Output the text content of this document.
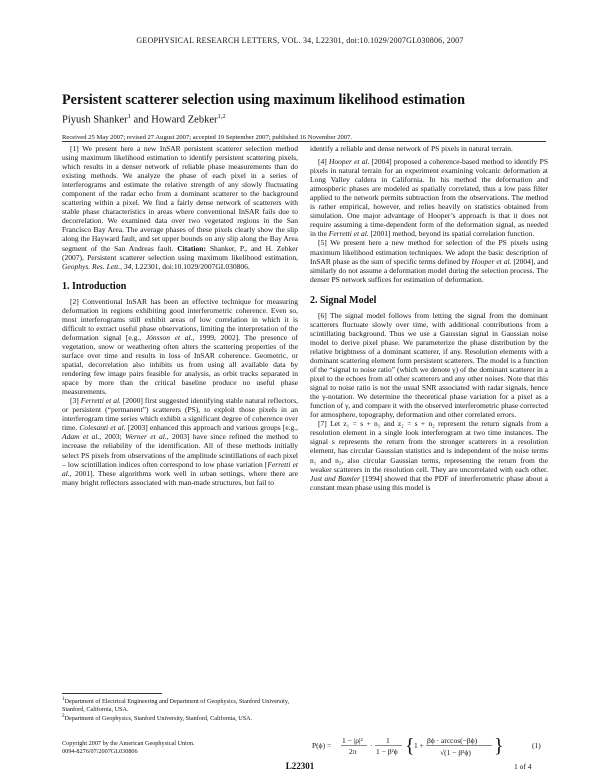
GEOPHYSICAL RESEARCH LETTERS, VOL. 34, L22301, doi:10.1029/2007GL030806, 2007
Persistent scatterer selection using maximum likelihood estimation
Piyush Shanker$^1$ and Howard Zebker$^{1,2}$
Received 25 May 2007; revised 27 August 2007; accepted 19 September 2007; published 16 November 2007.

[1] We present here a new InSAR persistent scatterer selection method using maximum likelihood estimation to identify persistent scattering pixels, which results in a denser network of reliable phase measurements than do existing methods. We analyze the phase of each pixel in a series of interferograms and estimate the relative strength of any slowly fluctuating component of the radar echo from a dominant scatterer to the background scattering within a pixel. We find a fairly dense network of scatterers with stable phase characteristics in areas where conventional InSAR fails due to decorrelation. We examined data over two vegetated regions in the San Francisco Bay Area. The average phases of these pixels clearly show the slip along the Hayward fault, and set upper bounds on any slip along the Bay Area segment of the San Andreas fault. Citation: Shanker, P., and H. Zebker (2007), Persistent scatterer selection using maximum likelihood estimation, Geophys. Res. Lett., 34, L22301, doi:10.1029/2007GL030806.

1. Introduction

[2] Conventional InSAR has been an effective technique for measuring deformation in regions exhibiting good interferometric coherence. Even so, most interferograms still exhibit areas of low correlation in which it is difficult to extract useful phase observations, limiting the interpretation of the deformation signal [e.g., Jónsson et al., 1999, 2002]. The presence of vegetation, snow or weathering often alters the scattering properties of the surface over time and results in loss of InSAR coherence. Geometric, or spatial, decorrelation also inhibits us from using all available data by rendering few image pairs feasible for analysis, as orbit tracks separated in space by more than the critical baseline produce no useful phase measurements.

[3] Ferretti et al. [2000] first suggested identifying stable natural reflectors, or persistent (“permanent”) scatterers (PS), to exploit those pixels in an interferogram time series which exhibit a significant degree of coherence over time. Colesanti et al. [2003] enhanced this approach and various groups [e.g., Adam et al., 2003; Werner et al., 2003] have since refined the method to increase the reliability of the identification. All of these methods initially select PS pixels from observations of the amplitude scintillations of each pixel – low scintillation indices often correspond to low phase variation [Ferretti et al., 2001]. These algorithms work well in urban settings, where there are many bright reflectors associated with man-made structures, but fail to

$^1$Department of Electrical Engineering and Department of Geophysics, Stanford University, Stanford, California, USA.

$^2$Department of Geophysics, Stanford University, Stanford, California, USA.

Copyright 2007 by the American Geophysical Union.
0094-8276/07/2007GL030806

identify a reliable and dense network of PS pixels in natural terrain.

[4] Hooper et al. [2004] proposed a coherence-based method to identify PS pixels in natural terrain for an experiment examining volcanic deformation at Long Valley caldera in California. In his method the deformation and atmospheric phases are modeled as spatially correlated, thus a low pass filter applied to the network permits subtraction from the observations. The method is rather empirical, however, and relies heavily on statistics obtained from simulation. One major advantage of Hooper’s approach is that it does not require assuming a time-dependent form of the deformation signal, as needed in the Ferretti et al. [2001] method, beyond its spatial correlation function.

[5] We present here a new method for selection of the PS pixels using maximum likelihood estimation techniques. We adopt the basic description of InSAR phase as the sum of specific terms defined by Hooper et al. [2004], and similarly do not assume a deformation model during the selection process. The denser PS network suffices for estimation of deformation.

2. Signal Model

[6] The signal model follows from letting the signal from the dominant scatterers fluctuate slowly over time, with additional contributions from a scintillating background. Thus we use a Gaussian signal in Gaussian noise model to derive pixel phase. We parameterize the phase distribution by the relative brightness of a dominant scatterer, if any. Resolution elements with a dominant scattering element form persistent scatterers. The model is a function of the “signal to noise ratio” (which we denote γ) of the dominant scatterer in a pixel to the echoes from all other scatterers and any other noises. Note that this signal to noise ratio is not the usual SNR associated with radar signals, hence the γ-notation. We determine the theoretical phase variation for a pixel as a function of γ, and compare it with the observed interferometric phase corrected for atmosphere, topography, deformation and other correlated errors.

[7] Let z₁ = s + n₁ and z₂ = s + n₂ represent the return signals from a resolution element in a single look interferogram at two time instances. The signal s represents the return from the stronger scatterers in a resolution element, has circular Gaussian statistics and is independent of the noise terms n₁ and n₂, also circular Gaussian terms, representing the return from the weaker scatterers in the resolution cell. They are uncorrelated with each other. Just and Bamler [1994] showed that the PDF of interferometric phase about a constant mean phase using this model is

P(ϕ) =
1 − |ρ|²
2π
·
1
1 − β²ϕ { 1 +
βϕ · arccos(−βϕ)
√(1 − β²ϕ) }	(1)
L22301	1 of 4
